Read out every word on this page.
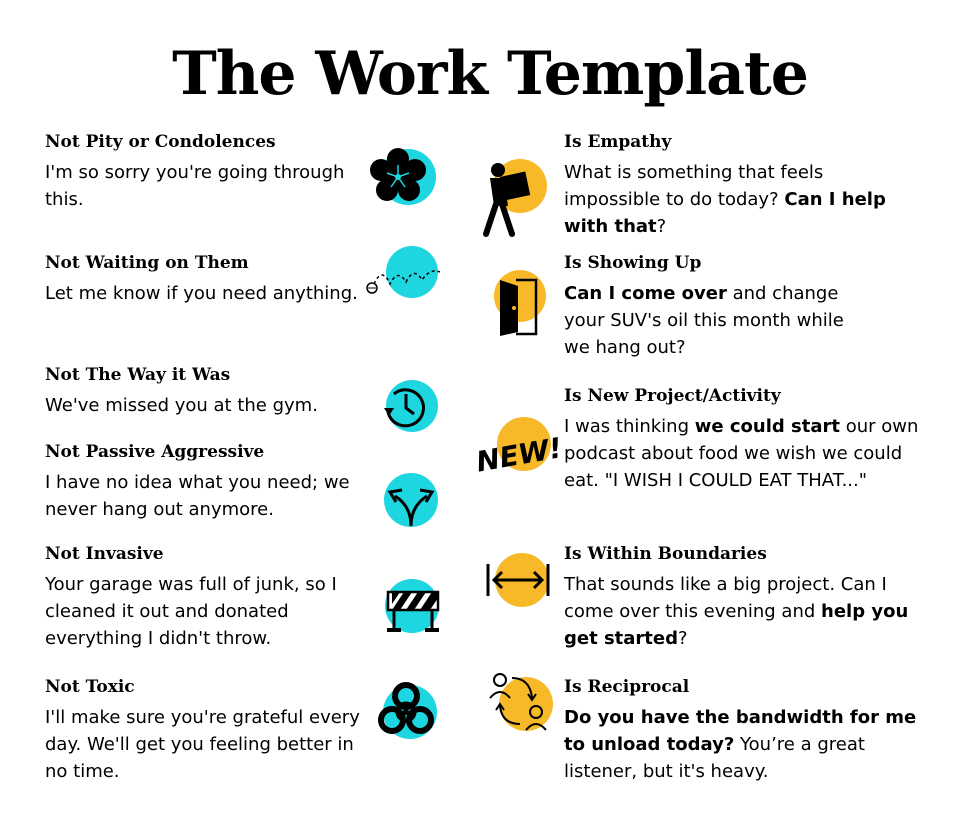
The Work Template

Not Pity or Condolences

I'm so sorry you're going through this.

Not Waiting on Them

Let me know if you need anything.

Not The Way it Was

We've missed you at the gym.

Not Passive Aggressive

I have no idea what you need; we never hang out anymore.

Not Invasive

Your garage was full of junk, so I cleaned it out and donated everything I didn't throw.

Not Toxic

I'll make sure you're grateful every day. We'll get you feeling better in no time.

Is Empathy

What is something that feels impossible to do today? Can I help with that?

Is Showing Up

Can I come over and change your SUV's oil this month while we hang out?

Is New Project/Activity

I was thinking we could start our own podcast about food we wish we could eat. "I WISH I COULD EAT THAT..."

Is Within Boundaries

That sounds like a big project. Can I come over this evening and help you get started?

Is Reciprocal

Do you have the bandwidth for me to unload today? You’re a great listener, but it's heavy.

NEW!
